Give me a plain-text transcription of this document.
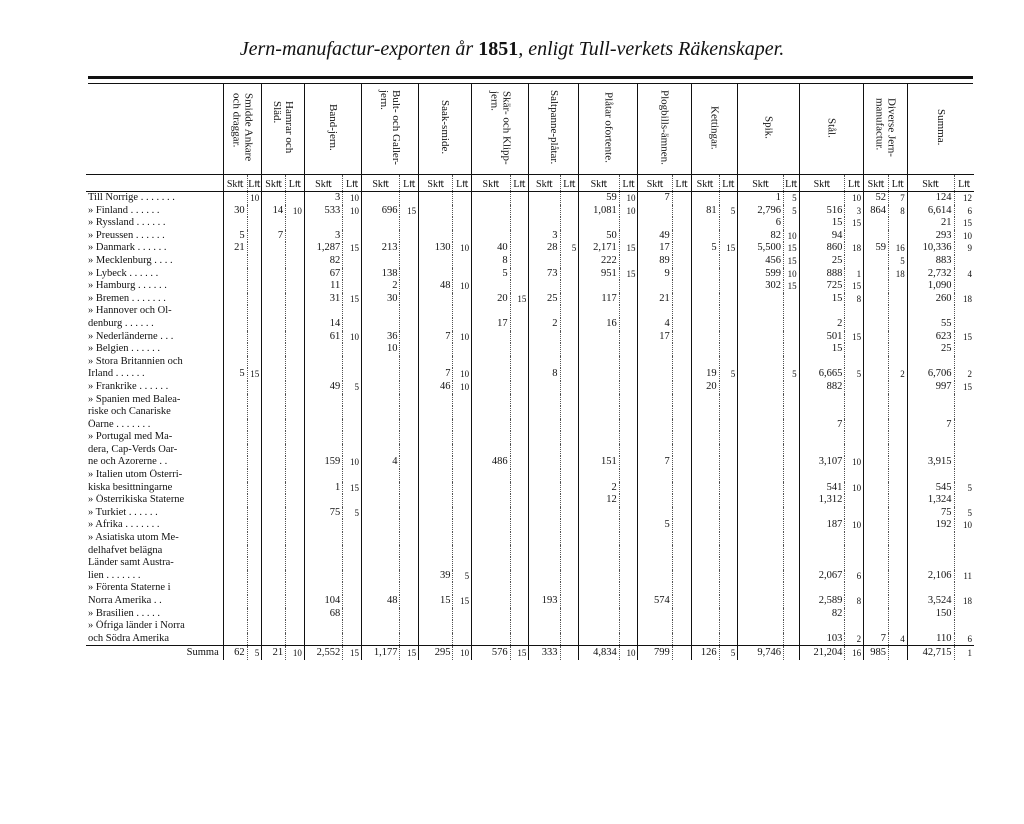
Jern-manufactur-exporten år 1851, enligt Tull-verkets Räkenskaper.
	Smidde Ankare
och draggar.		Hamrar och
Släd.		Band-jern.		Bult- och Galler-
jern.		Saak-smide.		Skär- och Klipp-
jern.		Saltpanne-plåtar.		Plåtar ofortente.		Plogbills-ämnen.		Kettingar.		Spik.		Stål.		Diverse Jern-
manufactur.		Summa.	
	Sk₶	L₶	Sk₶	L₶	Sk₶	L₶	Sk₶	L₶	Sk₶	L₶	Sk₶	L₶	Sk₶	L₶	Sk₶	L₶	Sk₶	L₶	Sk₶	L₶	Sk₶	L₶	Sk₶	L₶	Sk₶	L₶	Sk₶	L₶
Till Norrige . . . . . . .		10			3	10									59	10	7				1	5		10	52	7	124	12
» Finland . . . . . .	30		14	10	533	10	696	15							1,081	10			81	5	2,796	5	516	3	864	8	6,614	6
» Ryssland . . . . . .																					6		15	15			21	15
» Preussen . . . . . .	5		7		3								3		50		49				82	10	94				293	10
» Danmark . . . . . .	21				1,287	15	213		130	10	40		28	5	2,171	15	17		5	15	5,500	15	860	18	59	16	10,336	9
» Mecklenburg . . . .					82						8				222		89				456	15	25			5	883	
» Lybeck . . . . . .					67		138				5		73		951	15	9				599	10	888	1		18	2,732	4
» Hamburg . . . . . .					11		2		48	10											302	15	725	15			1,090	
» Bremen . . . . . . .					31	15	30				20	15	25		117		21						15	8			260	18
» Hannover och Ol-																												
denburg . . . . . .					14						17		2		16		4						2				55	
» Nederländerne . . .					61	10	36		7	10							17						501	15			623	15
» Belgien . . . . . .							10																15				25	
» Stora Britannien och																												
Irland . . . . . .	5	15							7	10			8						19	5		5	6,665	5		2	6,706	2
» Frankrike . . . . . .					49	5			46	10									20				882				997	15
» Spanien med Balea-																												
riske och Canariske																												
Öarne . . . . . . .																							7				7	
» Portugal med Ma-																												
dera, Cap-Verds Oar-																												
ne och Azorerne . .					159	10	4				486				151		7						3,107	10			3,915	
» Italien utom Österri-																												
kiska besittningarne					1	15									2								541	10			545	5
» Österrikiska Staterne															12								1,312				1,324	
» Turkiet . . . . . .					75	5																					75	5
» Afrika . . . . . . .																	5						187	10			192	10
» Asiatiska utom Me-																												
delhafvet belägna																												
Länder samt Austra-																												
lien . . . . . . .									39	5													2,067	6			2,106	11
» Förenta Staterne i																												
Norra Amerika . .					104		48		15	15			193				574						2,589	8			3,524	18
» Brasilien . . . . .					68																		82				150	
» Öfriga länder i Norra																												
och Södra Amerika																							103	2	7	4	110	6
Summa	62	5	21	10	2,552	15	1,177	15	295	10	576	15	333		4,834	10	799		126	5	9,746		21,204	16	985		42,715	1
